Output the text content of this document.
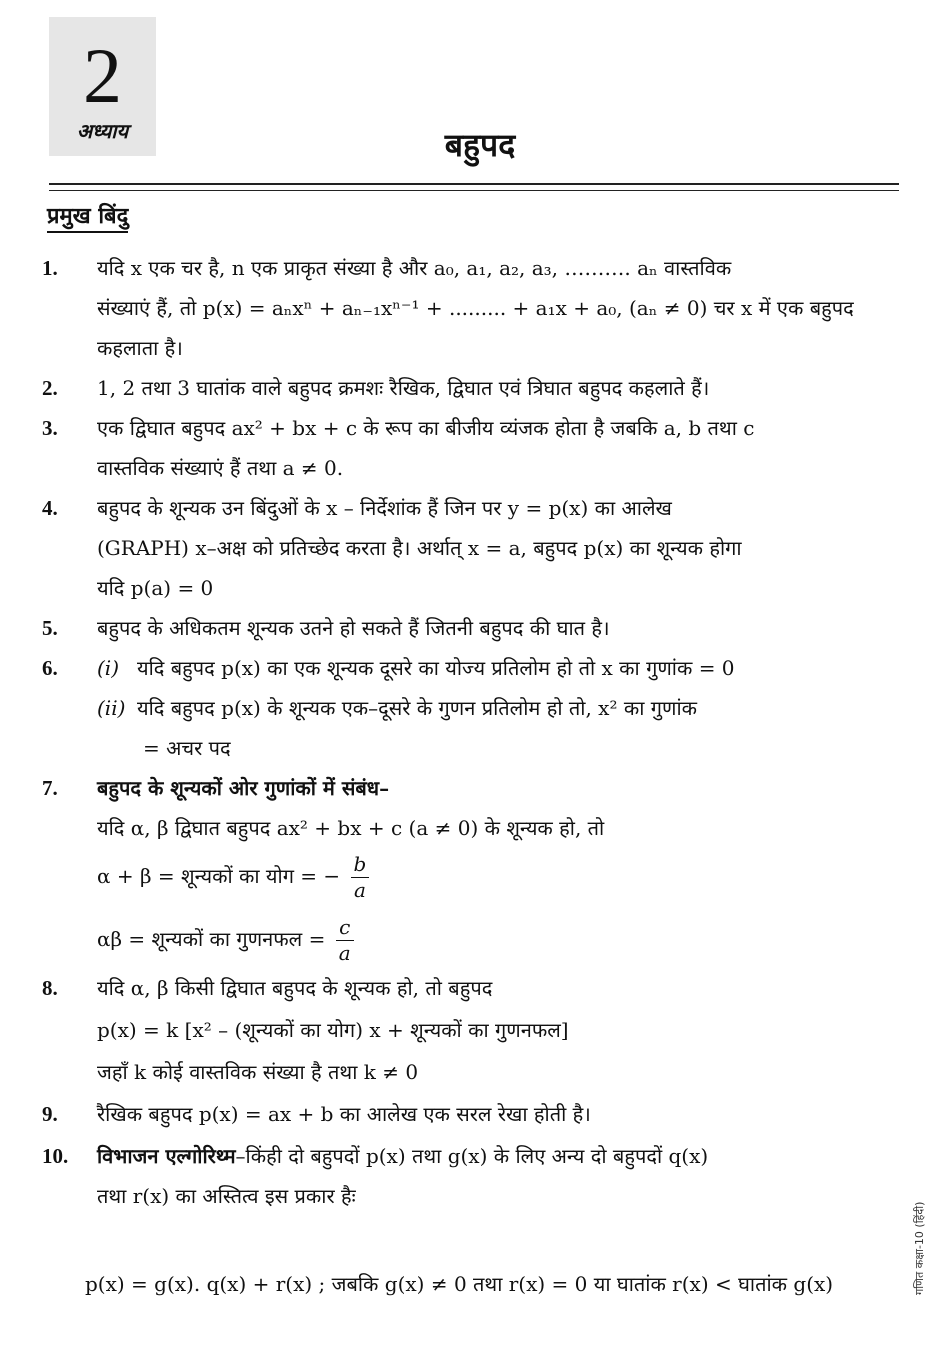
2
अध्याय	बहुपद
प्रमुख बिंदु
1.	यदि x एक चर है, n एक प्राकृत संख्या है और a₀, a₁, a₂, a₃, ………. aₙ वास्तविक
संख्याएं हैं, तो p(x) = aₙxⁿ + aₙ₋₁xⁿ⁻¹ + ......... + a₁x + a₀, (aₙ ≠ 0) चर x में एक बहुपद
कहलाता है।
2.	1, 2 तथा 3 घातांक वाले बहुपद क्रमशः रैखिक, द्विघात एवं त्रिघात बहुपद कहलाते हैं।
3.	एक द्विघात बहुपद ax² + bx + c के रूप का बीजीय व्यंजक होता है जबकि a, b तथा c
वास्तविक संख्याएं हैं तथा a ≠ 0.
4.	बहुपद के शून्यक उन बिंदुओं के x – निर्देशांक हैं जिन पर y = p(x) का आलेख
(GRAPH) x–अक्ष को प्रतिच्छेद करता है। अर्थात् x = a, बहुपद p(x) का शून्यक होगा
यदि p(a) = 0
5.	बहुपद के अधिकतम शून्यक उतने हो सकते हैं जितनी बहुपद की घात है।
6.	(i) यदि बहुपद p(x) का एक शून्यक दूसरे का योज्य प्रतिलोम हो तो x का गुणांक = 0
(ii) यदि बहुपद p(x) के शून्यक एक–दूसरे के गुणन प्रतिलोम हो तो, x² का गुणांक
= अचर पद
7.	बहुपद के शून्यकों ओर गुणांकों में संबंध–
यदि α, β द्विघात बहुपद ax² + bx + c (a ≠ 0) के शून्यक हो, तो
α + β = शून्यकों का योग = − $\frac{b}{a}$
αβ = शून्यकों का गुणनफल = $\frac{c}{a}$
8.	यदि α, β किसी द्विघात बहुपद के शून्यक हो, तो बहुपद
p(x) = k [x² – (शून्यकों का योग) x + शून्यकों का गुणनफल]
जहाँ k कोई वास्तविक संख्या है तथा k ≠ 0
9.	रैखिक बहुपद p(x) = ax + b का आलेख एक सरल रेखा होती है।
10.	विभाजन एल्गोरिथ्म–किंही दो बहुपदों p(x) तथा g(x) के लिए अन्य दो बहुपदों q(x)
तथा r(x) का अस्तित्व इस प्रकार हैः
p(x) = g(x). q(x) + r(x) ; जबकि g(x) ≠ 0 तथा r(x) = 0 या घातांक r(x) < घातांक g(x)	गणित कक्षा-10 (हिंदी)
